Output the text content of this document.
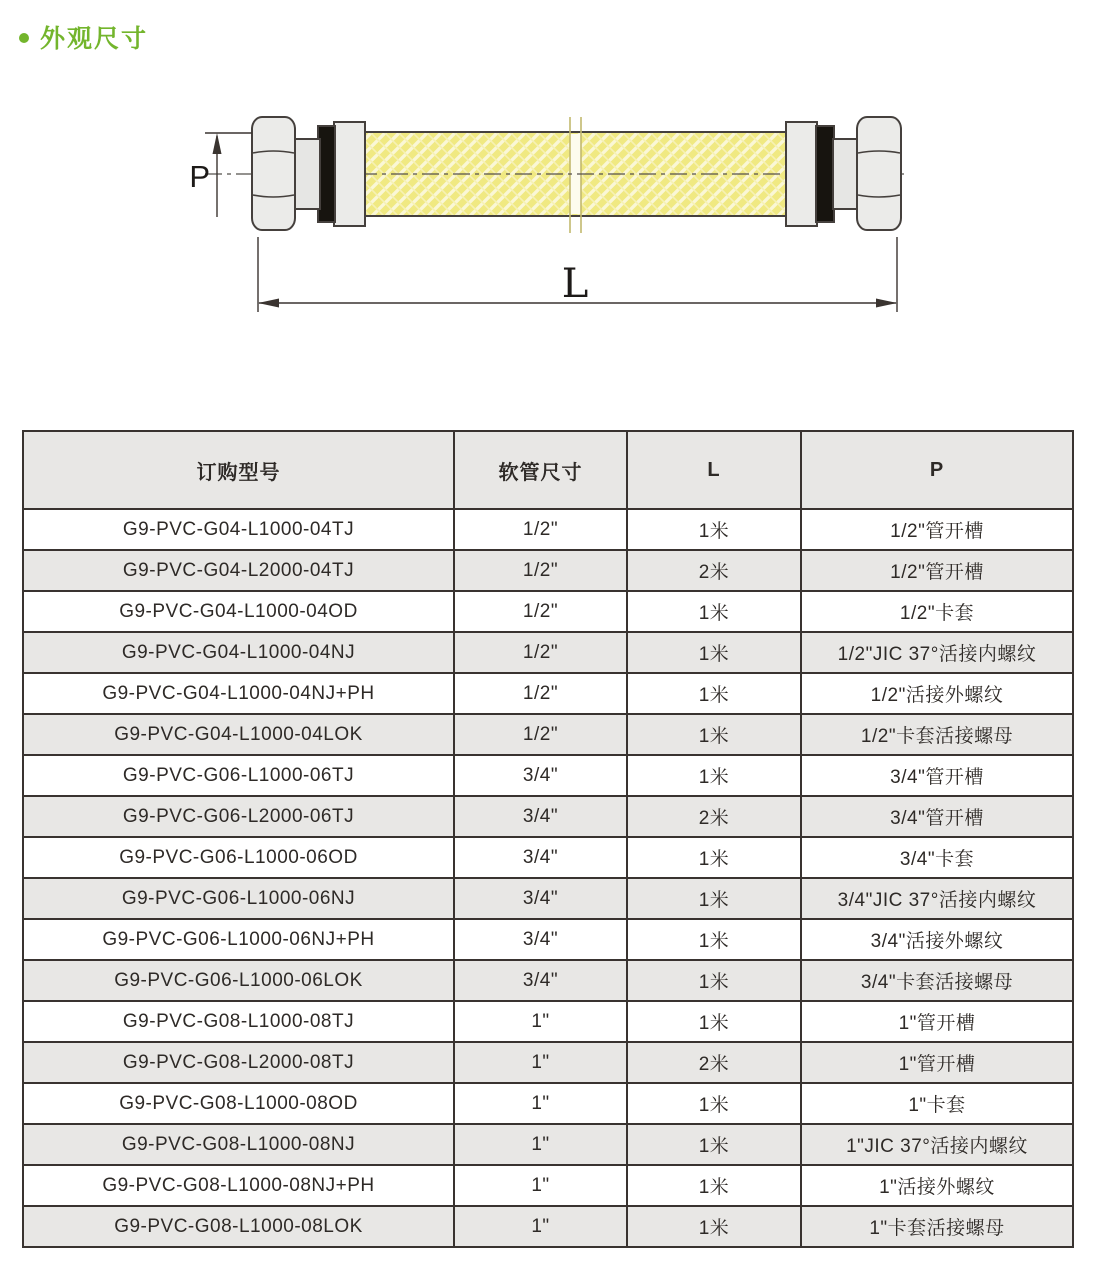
外观尺寸
P
L
订购型号	软管尺寸	L	P
G9-PVC-G04-L1000-04TJ	1/2"	1米	1/2"管开槽
G9-PVC-G04-L2000-04TJ	1/2"	2米	1/2"管开槽
G9-PVC-G04-L1000-04OD	1/2"	1米	1/2"卡套
G9-PVC-G04-L1000-04NJ	1/2"	1米	1/2"JIC 37°活接内螺纹
G9-PVC-G04-L1000-04NJ+PH	1/2"	1米	1/2"活接外螺纹
G9-PVC-G04-L1000-04LOK	1/2"	1米	1/2"卡套活接螺母
G9-PVC-G06-L1000-06TJ	3/4"	1米	3/4"管开槽
G9-PVC-G06-L2000-06TJ	3/4"	2米	3/4"管开槽
G9-PVC-G06-L1000-06OD	3/4"	1米	3/4"卡套
G9-PVC-G06-L1000-06NJ	3/4"	1米	3/4"JIC 37°活接内螺纹
G9-PVC-G06-L1000-06NJ+PH	3/4"	1米	3/4"活接外螺纹
G9-PVC-G06-L1000-06LOK	3/4"	1米	3/4"卡套活接螺母
G9-PVC-G08-L1000-08TJ	1"	1米	1"管开槽
G9-PVC-G08-L2000-08TJ	1"	2米	1"管开槽
G9-PVC-G08-L1000-08OD	1"	1米	1"卡套
G9-PVC-G08-L1000-08NJ	1"	1米	1"JIC 37°活接内螺纹
G9-PVC-G08-L1000-08NJ+PH	1"	1米	1"活接外螺纹
G9-PVC-G08-L1000-08LOK	1"	1米	1"卡套活接螺母
